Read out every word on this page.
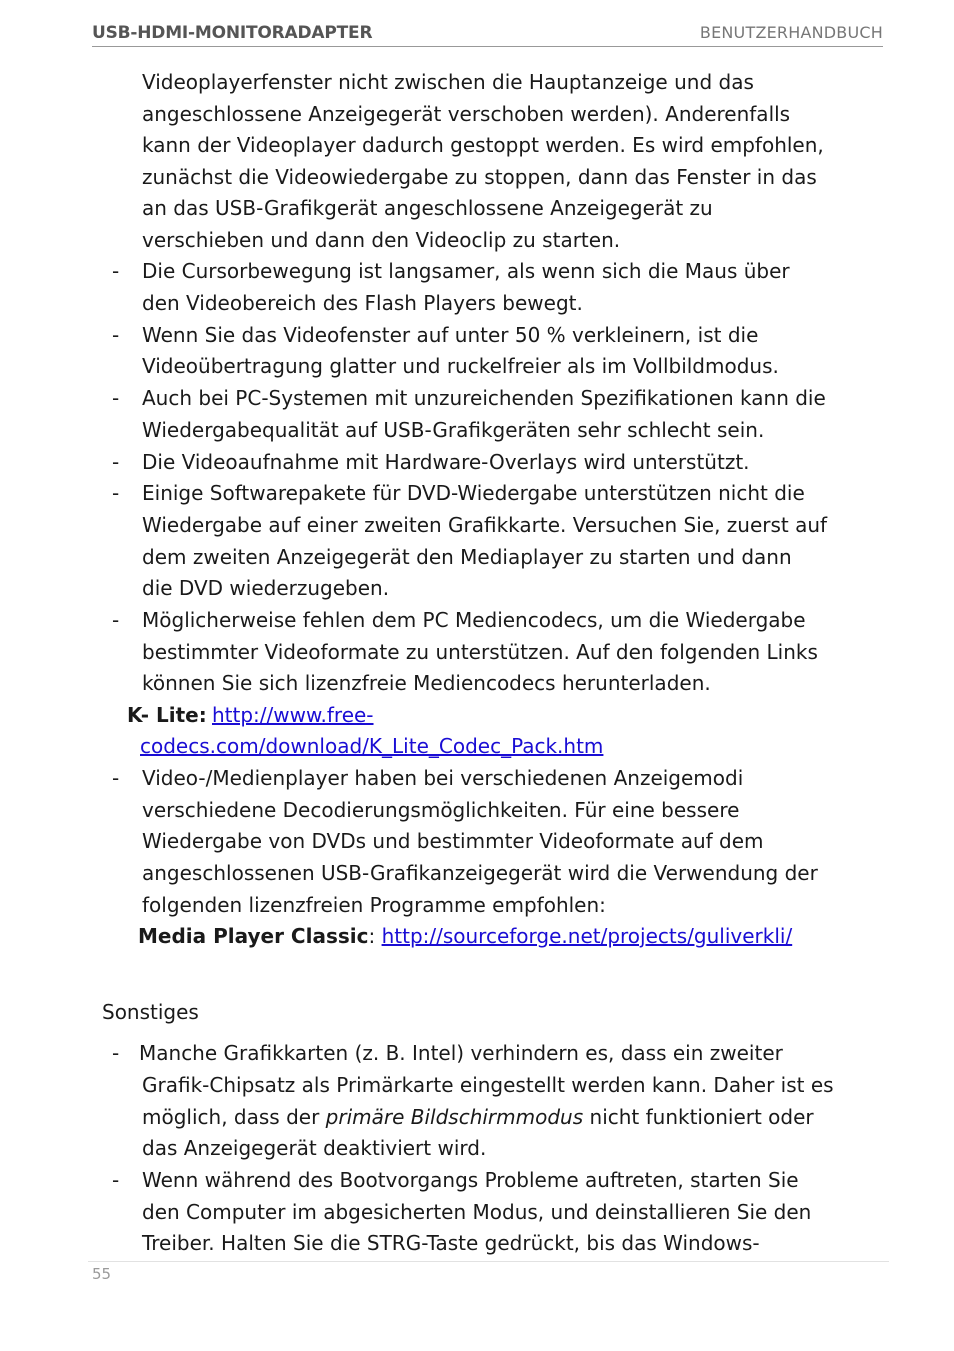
USB-HDMI-MONITORADAPTER	BENUTZERHANDBUCH
Videoplayerfenster nicht zwischen die Hauptanzeige und das
angeschlossene Anzeigegerät verschoben werden). Anderenfalls
kann der Videoplayer dadurch gestoppt werden. Es wird empfohlen,
zunächst die Videowiedergabe zu stoppen, dann das Fenster in das
an das USB-Grafikgerät angeschlossene Anzeigegerät zu
verschieben und dann den Videoclip zu starten.
- Die Cursorbewegung ist langsamer, als wenn sich die Maus über
den Videobereich des Flash Players bewegt.
- Wenn Sie das Videofenster auf unter 50 % verkleinern, ist die
Videoübertragung glatter und ruckelfreier als im Vollbildmodus.
- Auch bei PC-Systemen mit unzureichenden Spezifikationen kann die
Wiedergabequalität auf USB-Grafikgeräten sehr schlecht sein.
- Die Videoaufnahme mit Hardware-Overlays wird unterstützt.
- Einige Softwarepakete für DVD-Wiedergabe unterstützen nicht die
Wiedergabe auf einer zweiten Grafikkarte. Versuchen Sie, zuerst auf
dem zweiten Anzeigegerät den Mediaplayer zu starten und dann
die DVD wiederzugeben.
- Möglicherweise fehlen dem PC Mediencodecs, um die Wiedergabe
bestimmter Videoformate zu unterstützen. Auf den folgenden Links
können Sie sich lizenzfreie Mediencodecs herunterladen.
K- Lite: http://www.free-
codecs.com/download/K_Lite_Codec_Pack.htm
- Video-/Medienplayer haben bei verschiedenen Anzeigemodi
verschiedene Decodierungsmöglichkeiten. Für eine bessere
Wiedergabe von DVDs und bestimmter Videoformate auf dem
angeschlossenen USB-Grafikanzeigegerät wird die Verwendung der
folgenden lizenzfreien Programme empfohlen:
Media Player Classic: http://sourceforge.net/projects/guliverkli/
Sonstiges
- Manche Grafikkarten (z. B. Intel) verhindern es, dass ein zweiter
Grafik-Chipsatz als Primärkarte eingestellt werden kann. Daher ist es
möglich, dass der primäre Bildschirmmodus nicht funktioniert oder
das Anzeigegerät deaktiviert wird.
- Wenn während des Bootvorgangs Probleme auftreten, starten Sie
den Computer im abgesicherten Modus, und deinstallieren Sie den
Treiber. Halten Sie die STRG-Taste gedrückt, bis das Windows-
55
